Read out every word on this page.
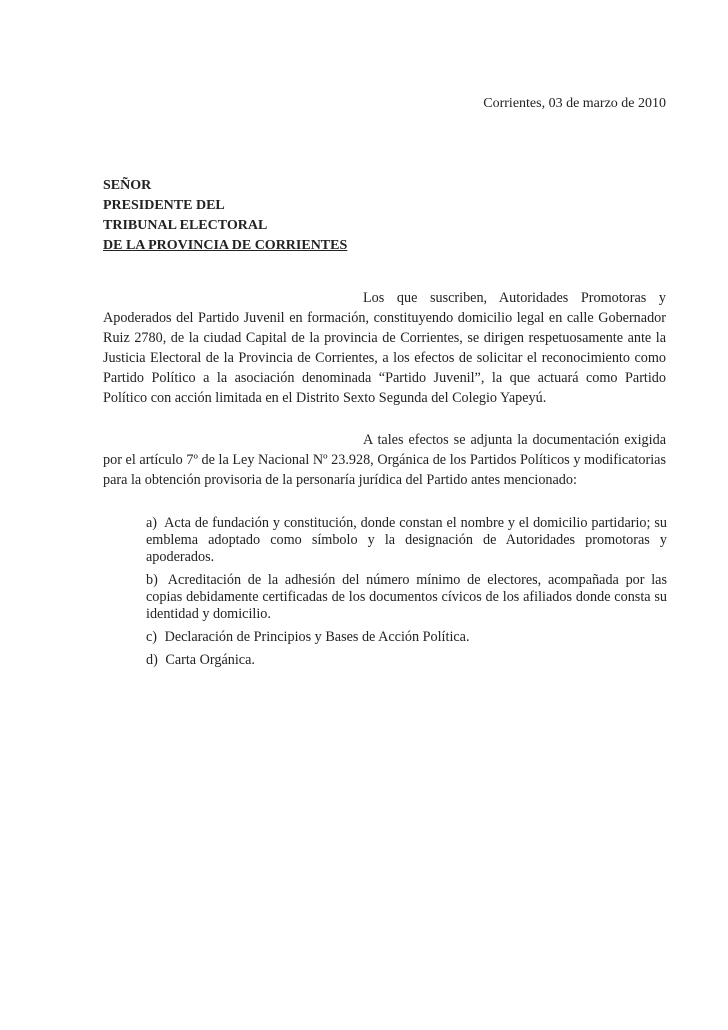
Corrientes, 03 de marzo de 2010
SEÑOR
PRESIDENTE DEL
TRIBUNAL ELECTORAL
DE LA PROVINCIA DE CORRIENTES
Los que suscriben, Autoridades Promotoras y Apoderados del Partido Juvenil en formación, constituyendo domicilio legal en calle Gobernador Ruiz 2780, de la ciudad Capital de la provincia de Corrientes, se dirigen respetuosamente ante la Justicia Electoral de la Provincia de Corrientes, a los efectos de solicitar el reconocimiento como Partido Político a la asociación denominada “Partido Juvenil”, la que actuará como Partido Político con acción limitada en el Distrito Sexto Segunda del Colegio Yapeyú.
A tales efectos se adjunta la documentación exigida por el artículo 7º de la Ley Nacional Nº 23.928, Orgánica de los Partidos Políticos y modificatorias para la obtención provisoria de la personaría jurídica del Partido antes mencionado:
a) Acta de fundación y constitución, donde constan el nombre y el domicilio partidario; su emblema adoptado como símbolo y la designación de Autoridades promotoras y apoderados.
b) Acreditación de la adhesión del número mínimo de electores, acompañada por las copias debidamente certificadas de los documentos cívicos de los afiliados donde consta su identidad y domicilio.
c) Declaración de Principios y Bases de Acción Política.
d) Carta Orgánica.
